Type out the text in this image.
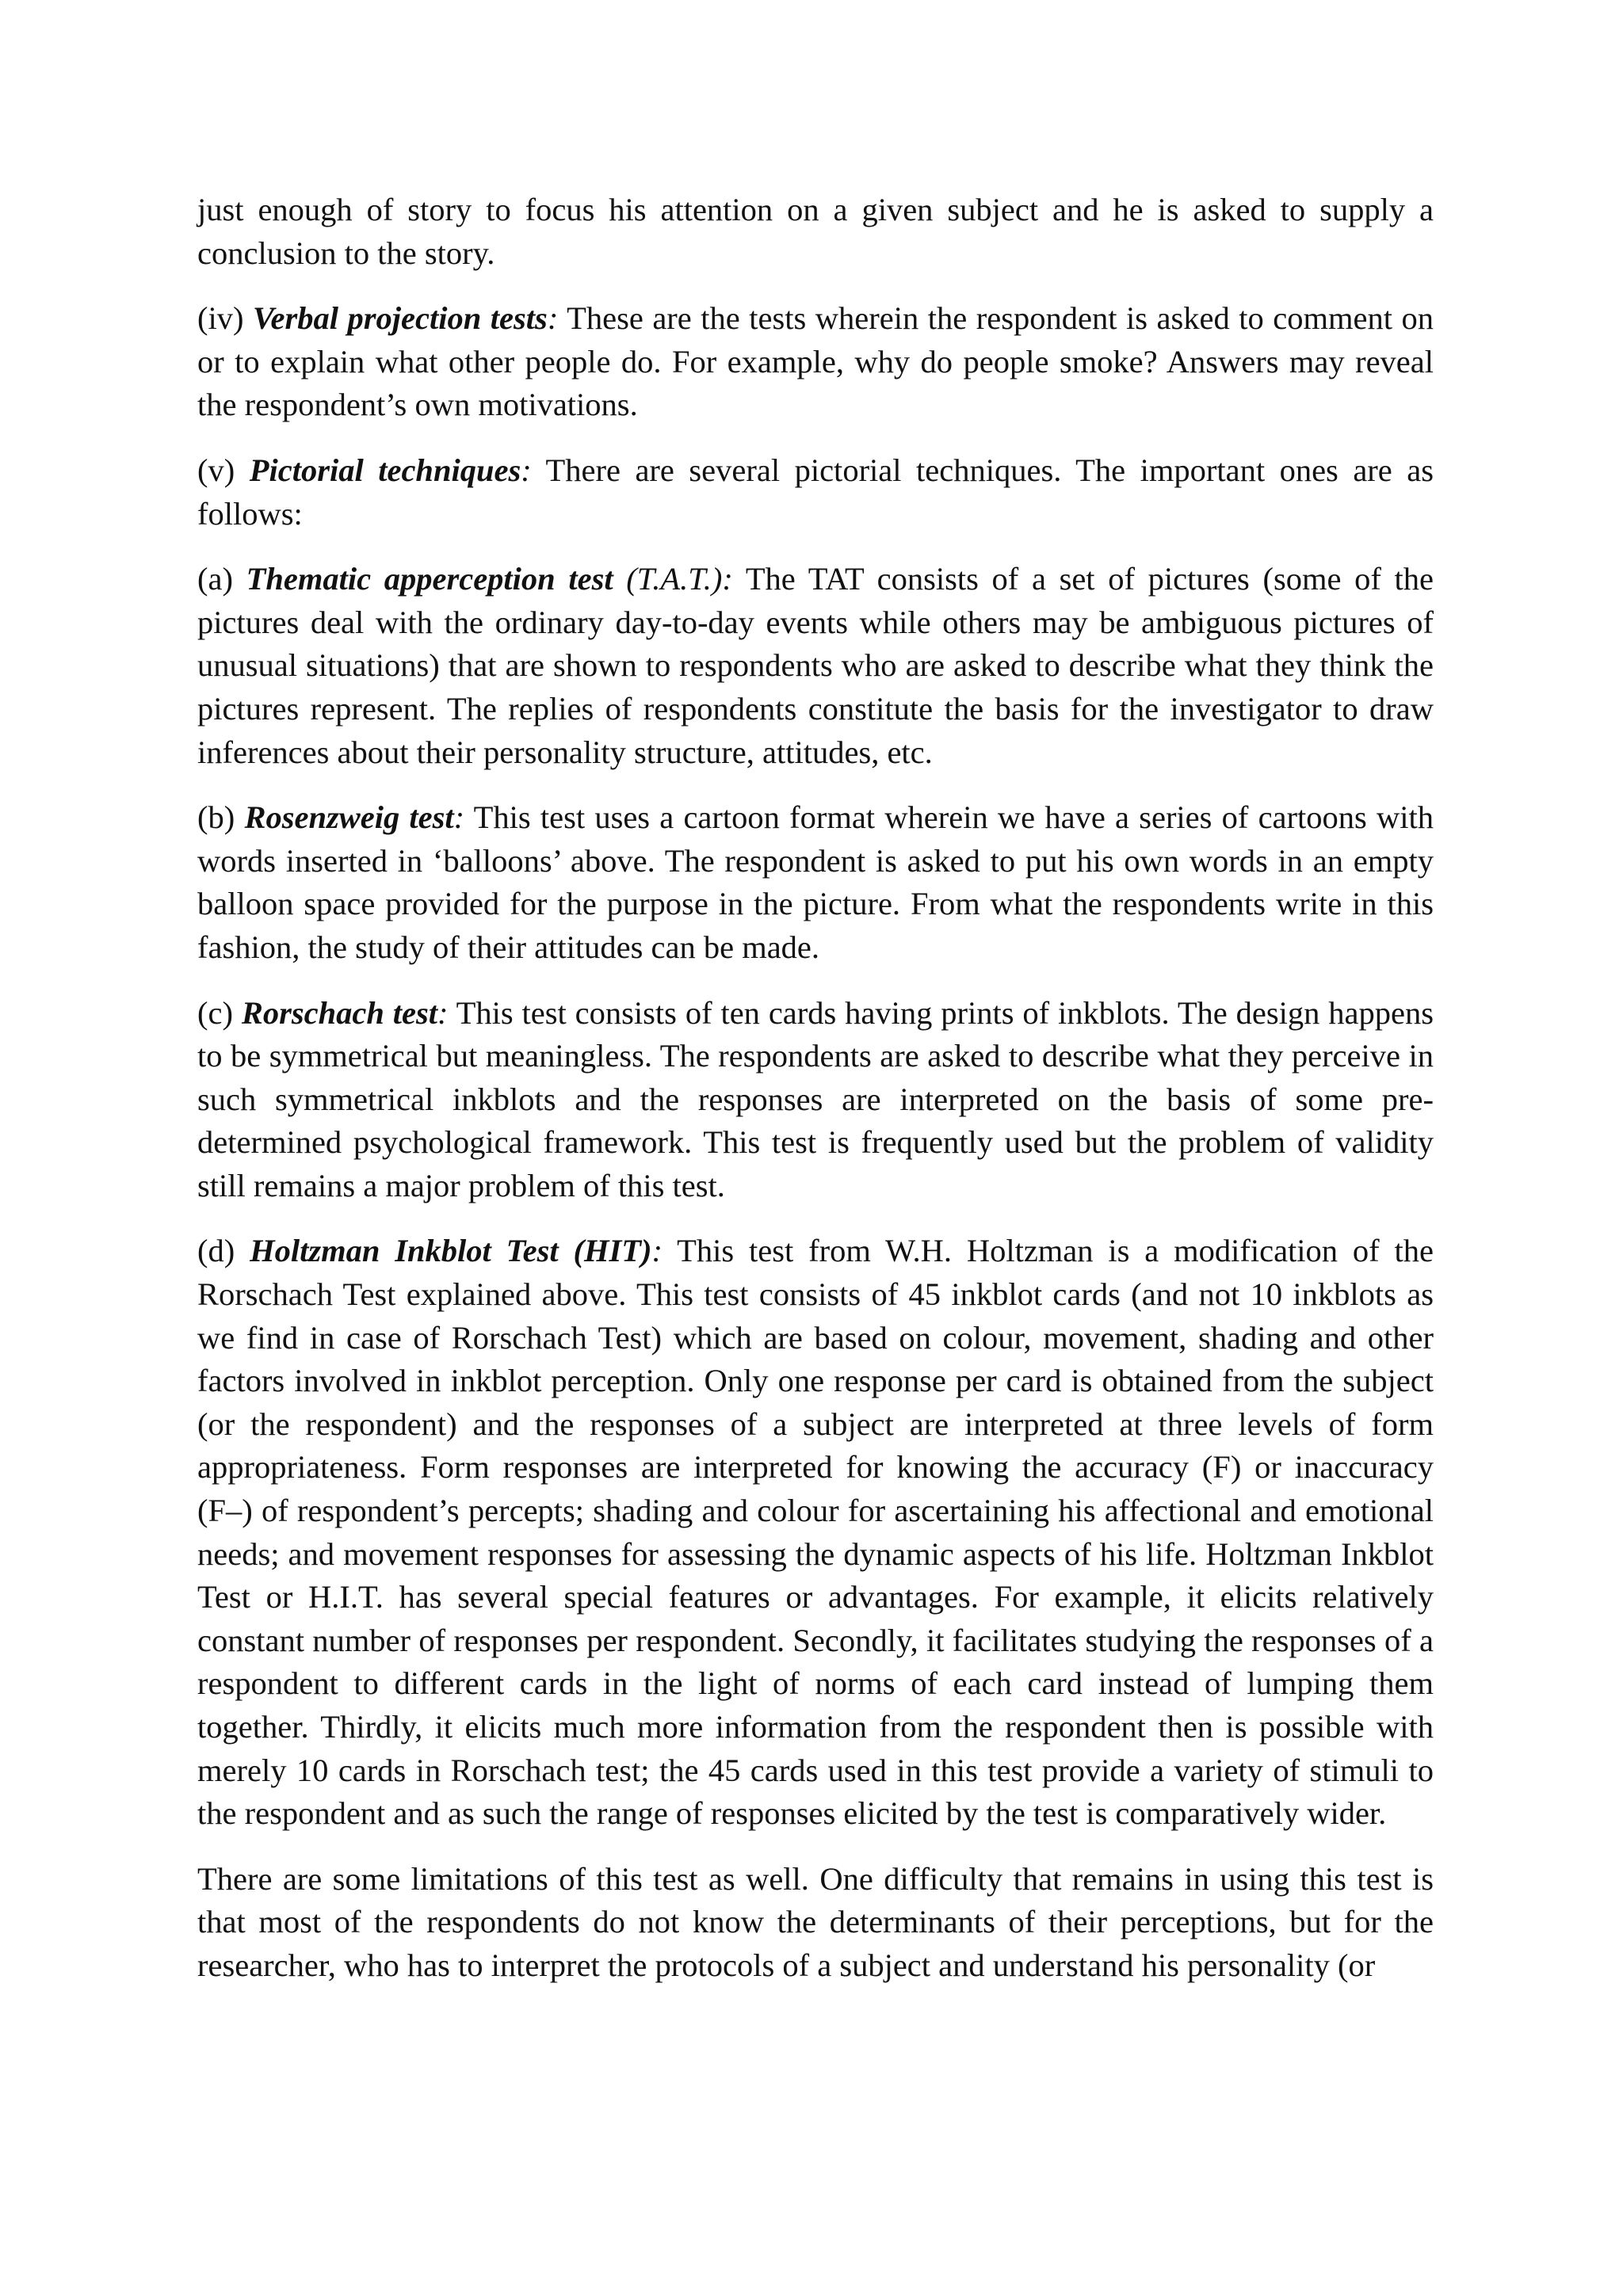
just enough of story to focus his attention on a given subject and he is asked to supply a conclusion to the story.

(iv) Verbal projection tests: These are the tests wherein the respondent is asked to comment on or to explain what other people do. For example, why do people smoke? Answers may reveal the respondent’s own motivations.

(v) Pictorial techniques: There are several pictorial techniques. The important ones are as follows:

(a) Thematic apperception test (T.A.T.): The TAT consists of a set of pictures (some of the pictures deal with the ordinary day-to-day events while others may be ambiguous pictures of unusual situations) that are shown to respondents who are asked to describe what they think the pictures represent. The replies of respondents constitute the basis for the investigator to draw inferences about their personality structure, attitudes, etc.

(b) Rosenzweig test: This test uses a cartoon format wherein we have a series of cartoons with words inserted in ‘balloons’ above. The respondent is asked to put his own words in an empty balloon space provided for the purpose in the picture. From what the respondents write in this fashion, the study of their attitudes can be made.

(c) Rorschach test: This test consists of ten cards having prints of inkblots. The design happens to be symmetrical but meaningless. The respondents are asked to describe what they perceive in such symmetrical inkblots and the responses are interpreted on the basis of some pre-determined psychological framework. This test is frequently used but the problem of validity still remains a major problem of this test.

(d) Holtzman Inkblot Test (HIT): This test from W.H. Holtzman is a modification of the Rorschach Test explained above. This test consists of 45 inkblot cards (and not 10 inkblots as we find in case of Rorschach Test) which are based on colour, movement, shading and other factors involved in inkblot perception. Only one response per card is obtained from the subject (or the respondent) and the responses of a subject are interpreted at three levels of form appropriateness. Form responses are interpreted for knowing the accuracy (F) or inaccuracy (F–) of respondent’s percepts; shading and colour for ascertaining his affectional and emotional needs; and movement responses for assessing the dynamic aspects of his life. Holtzman Inkblot Test or H.I.T. has several special features or advantages. For example, it elicits relatively constant number of responses per respondent. Secondly, it facilitates studying the responses of a respondent to different cards in the light of norms of each card instead of lumping them together. Thirdly, it elicits much more information from the respondent then is possible with merely 10 cards in Rorschach test; the 45 cards used in this test provide a variety of stimuli to the respondent and as such the range of responses elicited by the test is comparatively wider.

There are some limitations of this test as well. One difficulty that remains in using this test is that most of the respondents do not know the determinants of their perceptions, but for the researcher, who has to interpret the protocols of a subject and understand his personality (or
